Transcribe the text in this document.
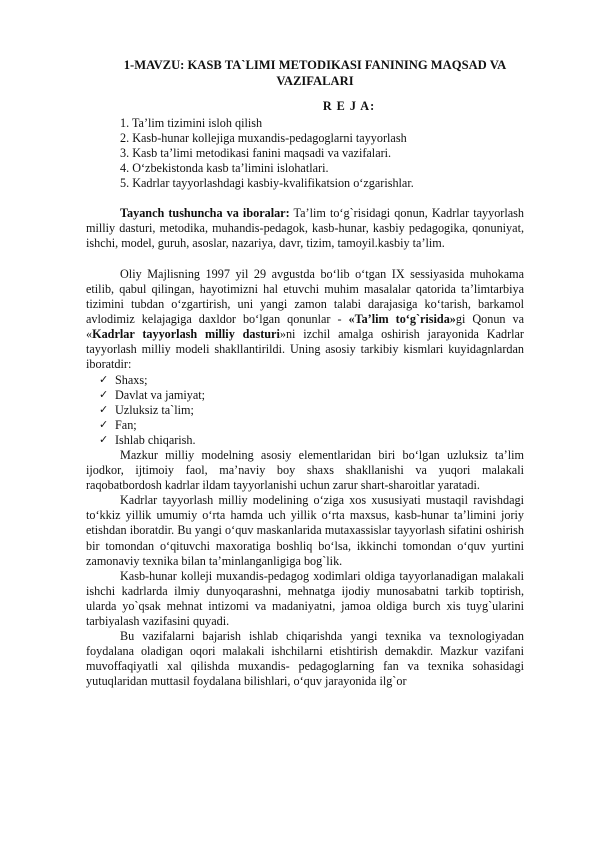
1-MAVZU: KASB TA`LIMI METODIKASI FANINING MAQSAD VA
VAZIFALARI
R E J A:
1. Ta’lim tizimini isloh qilish
2. Kasb-hunar kollejiga muxandis-pedagoglarni tayyorlash
3. Kasb ta’limi metodikasi fanini maqsadi va vazifalari.
4. O‘zbekistonda kasb ta’limini islohatlari.
5. Kadrlar tayyorlashdagi kasbiy-kvalifikatsion o‘zgarishlar.

Tayanch tushuncha va iboralar: Ta’lim to‘g`risidagi qonun, Kadrlar tayyorlash milliy dasturi, metodika, muhandis-pedagok, kasb-hunar, kasbiy pedagogika, qonuniyat, ishchi, model, guruh, asoslar, nazariya, davr, tizim, tamoyil.kasbiy ta’lim.

Oliy Majlisning 1997 yil 29 avgustda bo‘lib o‘tgan IX sessiyasida muhokama etilib, qabul qilingan, hayotimizni hal etuvchi muhim masalalar qatorida ta’limtarbiya tizimini tubdan o‘zgartirish, uni yangi zamon talabi darajasiga ko‘tarish, barkamol avlodimiz kelajagiga daxldor bo‘lgan qonunlar - «Ta’lim to‘g`risida»gi Qonun va «Kadrlar tayyorlash milliy dasturi»ni izchil amalga oshirish jarayonida Kadrlar tayyorlash milliy modeli shakllantirildi. Uning asosiy tarkibiy kismlari kuyidagnlardan iboratdir:

✓ Shaxs;
✓ Davlat va jamiyat;
✓ Uzluksiz ta`lim;
✓ Fan;
✓ Ishlab chiqarish.

Mazkur milliy modelning asosiy elementlaridan biri bo‘lgan uzluksiz ta’lim ijodkor, ijtimoiy faol, ma’naviy boy shaxs shakllanishi va yuqori malakali raqobatbordosh kadrlar ildam tayyorlanishi uchun zarur shart-sharoitlar yaratadi.

Kadrlar tayyorlash milliy modelining o‘ziga xos xususiyati mustaqil ravishdagi to‘kkiz yillik umumiy o‘rta hamda uch yillik o‘rta maxsus, kasb-hunar ta’limini joriy etishdan iboratdir. Bu yangi o‘quv maskanlarida mutaxassislar tayyorlash sifatini oshirish bir tomondan o‘qituvchi maxoratiga boshliq bo‘lsa, ikkinchi tomondan o‘quv yurtini zamonaviy texnika bilan ta’minlanganligiga bog`lik.

Kasb-hunar kolleji muxandis-pedagog xodimlari oldiga tayyorlanadigan malakali ishchi kadrlarda ilmiy dunyoqarashni, mehnatga ijodiy munosabatni tarkib toptirish, ularda yo`qsak mehnat intizomi va madaniyatni, jamoa oldiga burch xis tuyg`ularini tarbiyalash vazifasini quyadi.

Bu vazifalarni bajarish ishlab chiqarishda yangi texnika va texnologiyadan foydalana oladigan oqori malakali ishchilarni etishtirish demakdir. Mazkur vazifani muvoffaqiyatli xal qilishda muxandis- pedagoglarning fan va texnika sohasidagi yutuqlaridan muttasil foydalana bilishlari, o‘quv jarayonida ilg`or
